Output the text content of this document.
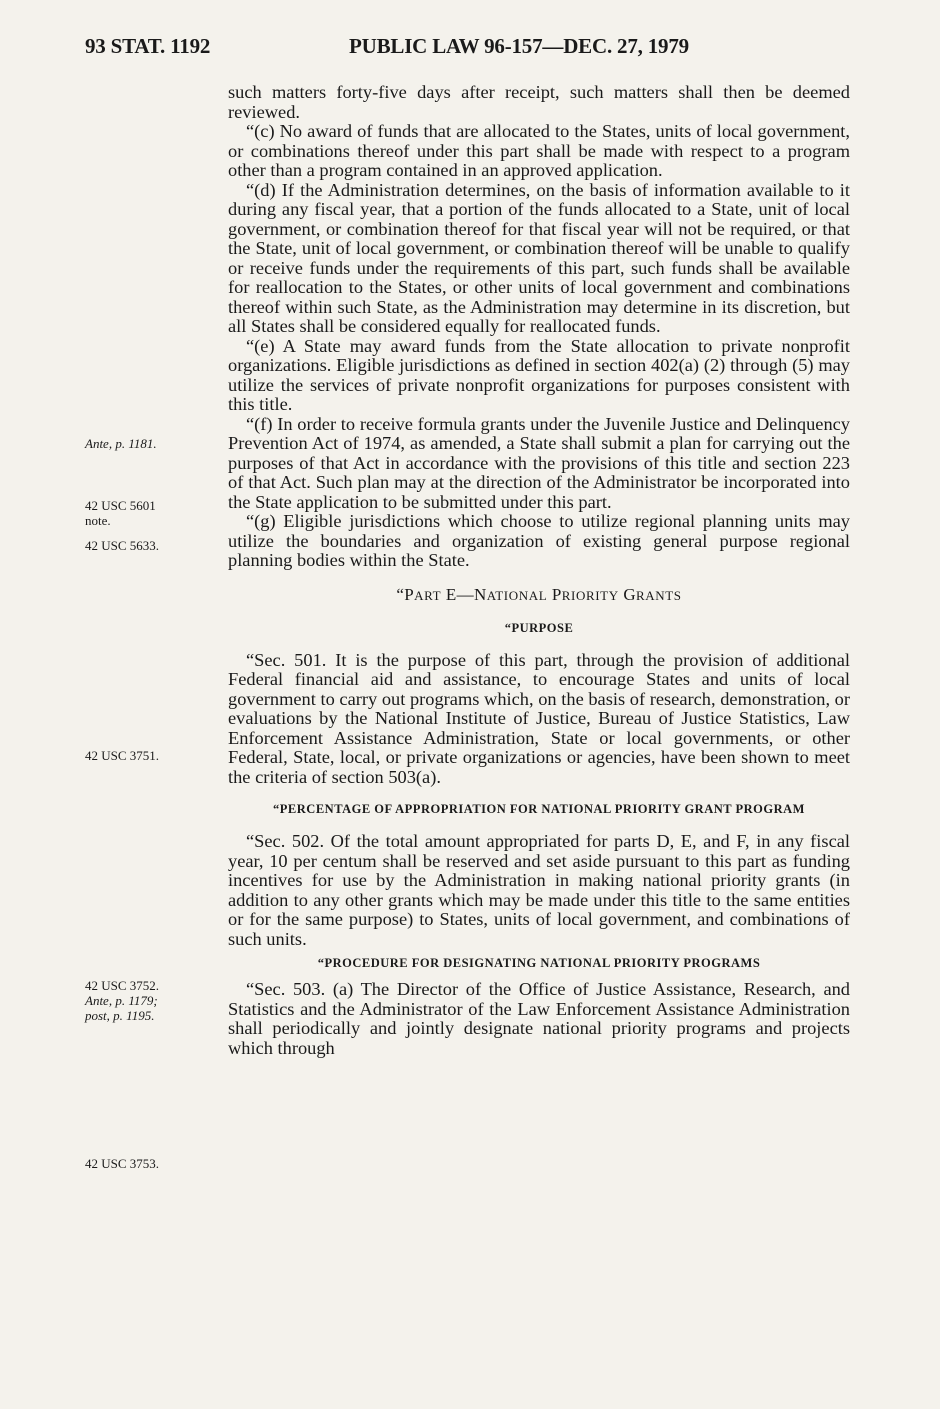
93 STAT. 1192	PUBLIC LAW 96-157—DEC. 27, 1979
Ante, p. 1181.
42 USC 5601
note.
42 USC 5633.
42 USC 3751.
42 USC 3752.
Ante, p. 1179;
post, p. 1195.
42 USC 3753.

such matters forty-five days after receipt, such matters shall then be deemed reviewed.

“(c) No award of funds that are allocated to the States, units of local government, or combinations thereof under this part shall be made with respect to a program other than a program contained in an approved application.

“(d) If the Administration determines, on the basis of information available to it during any fiscal year, that a portion of the funds allocated to a State, unit of local government, or combination thereof for that fiscal year will not be required, or that the State, unit of local government, or combination thereof will be unable to qualify or receive funds under the requirements of this part, such funds shall be available for reallocation to the States, or other units of local government and combinations thereof within such State, as the Administration may determine in its discretion, but all States shall be considered equally for reallocated funds.

“(e) A State may award funds from the State allocation to private nonprofit organizations. Eligible jurisdictions as defined in section 402(a) (2) through (5) may utilize the services of private nonprofit organizations for purposes consistent with this title.

“(f) In order to receive formula grants under the Juvenile Justice and Delinquency Prevention Act of 1974, as amended, a State shall submit a plan for carrying out the purposes of that Act in accordance with the provisions of this title and section 223 of that Act. Such plan may at the direction of the Administrator be incorporated into the State application to be submitted under this part.

“(g) Eligible jurisdictions which choose to utilize regional planning units may utilize the boundaries and organization of existing general purpose regional planning bodies within the State.

“PART E—NATIONAL PRIORITY GRANTS
“PURPOSE

“Sec. 501. It is the purpose of this part, through the provision of additional Federal financial aid and assistance, to encourage States and units of local government to carry out programs which, on the basis of research, demonstration, or evaluations by the National Institute of Justice, Bureau of Justice Statistics, Law Enforcement Assistance Administration, State or local governments, or other Federal, State, local, or private organizations or agencies, have been shown to meet the criteria of section 503(a).

“PERCENTAGE OF APPROPRIATION FOR NATIONAL PRIORITY GRANT PROGRAM

“Sec. 502. Of the total amount appropriated for parts D, E, and F, in any fiscal year, 10 per centum shall be reserved and set aside pursuant to this part as funding incentives for use by the Administration in making national priority grants (in addition to any other grants which may be made under this title to the same entities or for the same purpose) to States, units of local government, and combinations of such units.

“PROCEDURE FOR DESIGNATING NATIONAL PRIORITY PROGRAMS

“Sec. 503. (a) The Director of the Office of Justice Assistance, Research, and Statistics and the Administrator of the Law Enforcement Assistance Administration shall periodically and jointly designate national priority programs and projects which through
